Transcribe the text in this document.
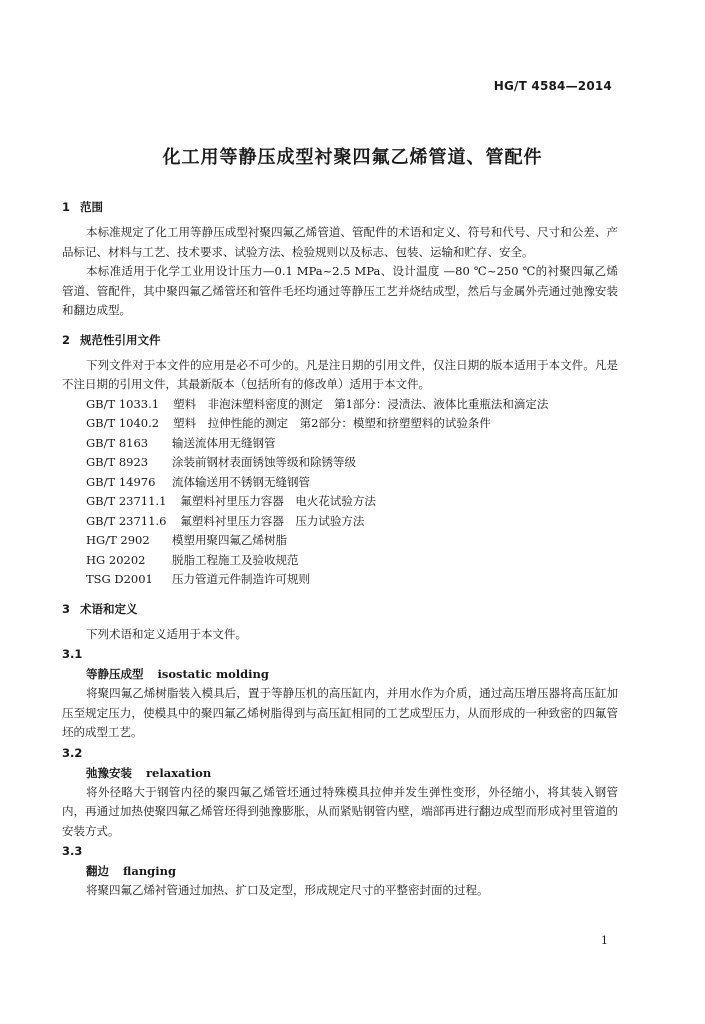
HG/T 4584—2014
化工用等静压成型衬聚四氟乙烯管道、管配件
1 范围

本标准规定了化工用等静压成型衬聚四氟乙烯管道、管配件的术语和定义、符号和代号、尺寸和公差、产品标记、材料与工艺、技术要求、试验方法、检验规则以及标志、包装、运输和贮存、安全。

本标准适用于化学工业用设计压力—0.1 MPa~2.5 MPa、设计温度 —80 ℃~250 ℃的衬聚四氟乙烯管道、管配件，其中聚四氟乙烯管坯和管件毛坯均通过等静压工艺并烧结成型，然后与金属外壳通过弛豫安装和翻边成型。

2 规范性引用文件

下列文件对于本文件的应用是必不可少的。凡是注日期的引用文件，仅注日期的版本适用于本文件。凡是不注日期的引用文件，其最新版本（包括所有的修改单）适用于本文件。

GB/T 1033.1 塑料　非泡沫塑料密度的测定　第1部分：浸渍法、液体比重瓶法和滴定法

GB/T 1040.2 塑料　拉伸性能的测定　第2部分：模塑和挤塑塑料的试验条件

GB/T 8163 输送流体用无缝钢管

GB/T 8923 涂装前钢材表面锈蚀等级和除锈等级

GB/T 14976 流体输送用不锈钢无缝钢管

GB/T 23711.1 氟塑料衬里压力容器　电火花试验方法

GB/T 23711.6 氟塑料衬里压力容器　压力试验方法

HG/T 2902 模塑用聚四氟乙烯树脂

HG 20202 脱脂工程施工及验收规范

TSG D2001 压力管道元件制造许可规则

3 术语和定义

下列术语和定义适用于本文件。

3.1
等静压成型 isostatic molding

将聚四氟乙烯树脂装入模具后，置于等静压机的高压缸内，并用水作为介质，通过高压增压器将高压缸加压至规定压力，使模具中的聚四氟乙烯树脂得到与高压缸相同的工艺成型压力，从而形成的一种致密的四氟管坯的成型工艺。

3.2
弛豫安装 relaxation

将外径略大于钢管内径的聚四氟乙烯管坯通过特殊模具拉伸并发生弹性变形，外径缩小，将其装入钢管内，再通过加热使聚四氟乙烯管坯得到弛豫膨胀，从而紧贴钢管内壁，端部再进行翻边成型而形成衬里管道的安装方式。

3.3
翻边 flanging

将聚四氟乙烯衬管通过加热、扩口及定型，形成规定尺寸的平整密封面的过程。

1
